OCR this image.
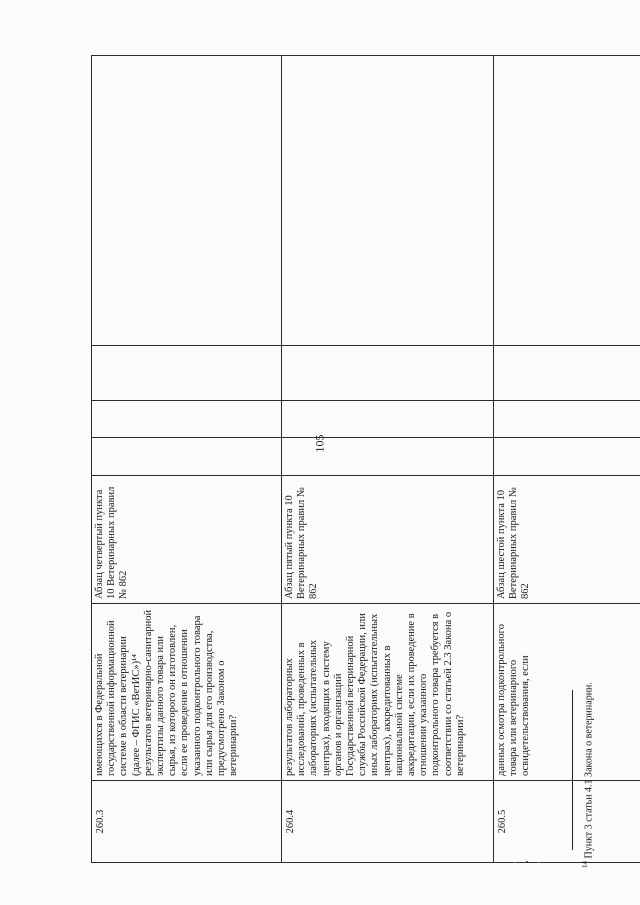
105
260.3	имеющихся в Федеральной государственной информационной системе в области ветеринарии (далее – ФГИС «ВетИС»)¹⁴ результатов ветеринарно-санитарной экспертизы данного товара или сырья, из которого он изготовлен, если ее проведение в отношении указанного подконтрольного товара или сырья для его производства, предусмотрено Законом о ветеринарии?	Абзац четвертый пункта 10 Ветеринарных правил № 862				
260.4	результатов лабораторных исследований, проведенных в лабораториях (испытательных центрах), входящих в систему органов и организаций Государственной ветеринарной службы Российской Федерации, или иных лабораториях (испытательных центрах), аккредитованных в национальной системе аккредитации, если их проведение в отношении указанного подконтрольного товара требуется в соответствии со статьей 2.3 Закона о ветеринарии?	Абзац пятый пункта 10 Ветеринарных правил № 862				
260.5	данных осмотра подконтрольного товара или ветеринарного освидетельствования, если	Абзац шестой пункта 10 Ветеринарных правил № 862				
$^{14}$ Пункт 3 статьи 4.1 Закона о ветеринарии.
